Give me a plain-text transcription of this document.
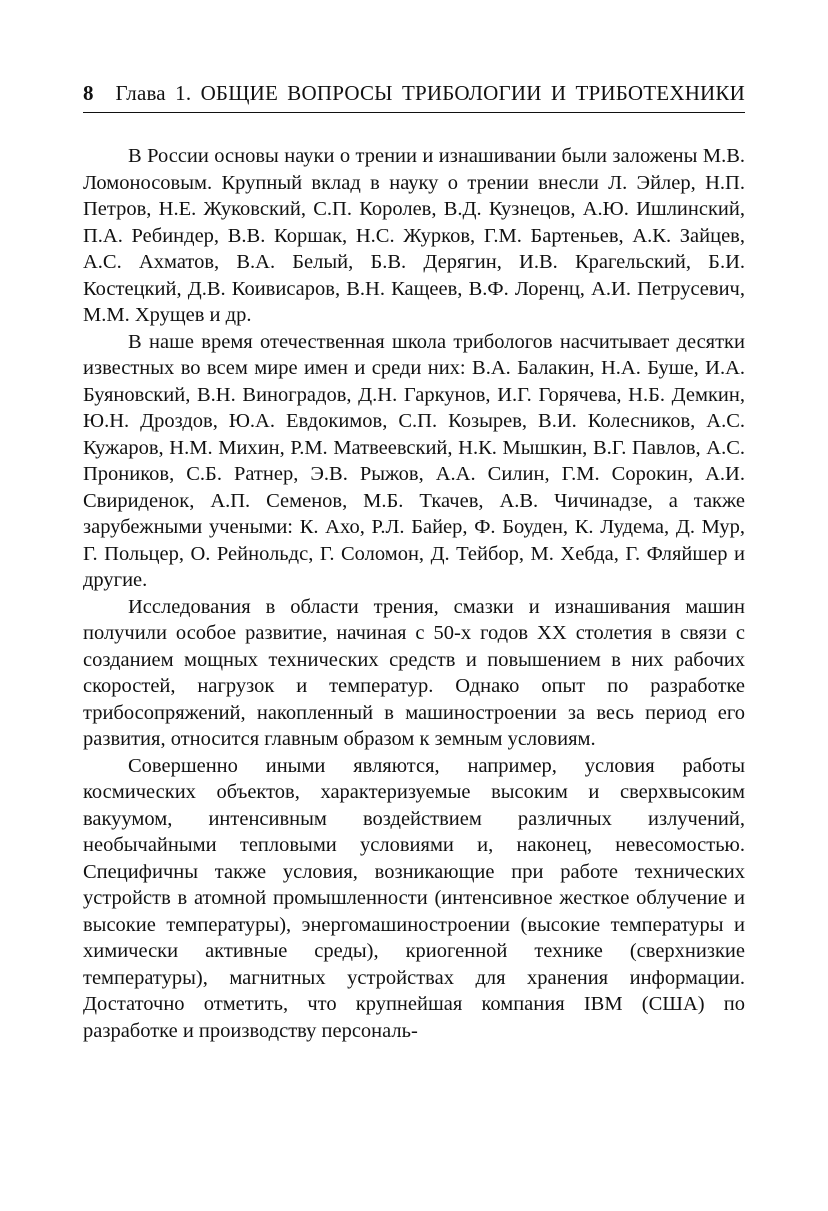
8 Глава 1. ОБЩИЕ ВОПРОСЫ ТРИБОЛОГИИ И ТРИБОТЕХНИКИ

В России основы науки о трении и изнашивании были заложены М.В. Ломоносовым. Крупный вклад в науку о трении внесли Л. Эйлер, Н.П. Петров, Н.Е. Жуковский, С.П. Королев, В.Д. Кузнецов, А.Ю. Ишлинский, П.А. Ребиндер, В.В. Коршак, Н.С. Журков, Г.М. Бартеньев, А.К. Зайцев, А.С. Ахматов, В.А. Белый, Б.В. Дерягин, И.В. Крагельский, Б.И. Костецкий, Д.В. Коивисаров, В.Н. Кащеев, В.Ф. Лоренц, А.И. Петрусевич, М.М. Хрущев и др.

В наше время отечественная школа трибологов насчитывает десятки известных во всем мире имен и среди них: В.А. Балакин, Н.А. Буше, И.А. Буяновский, В.Н. Виноградов, Д.Н. Гаркунов, И.Г. Горячева, Н.Б. Демкин, Ю.Н. Дроздов, Ю.А. Евдокимов, С.П. Козырев, В.И. Колесников, А.С. Кужаров, Н.М. Михин, Р.М. Матвеевский, Н.К. Мышкин, В.Г. Павлов, А.С. Проников, С.Б. Ратнер, Э.В. Рыжов, А.А. Силин, Г.М. Сорокин, А.И. Свириденок, А.П. Семенов, М.Б. Ткачев, А.В. Чичинадзе, а также зарубежными учеными: К. Ахо, Р.Л. Байер, Ф. Боуден, К. Лудема, Д. Мур, Г. Польцер, О. Рейнольдс, Г. Соломон, Д. Тейбор, М. Хебда, Г. Фляйшер и другие.

Исследования в области трения, смазки и изнашивания машин получили особое развитие, начиная с 50-х годов XX столетия в связи с созданием мощных технических средств и повышением в них рабочих скоростей, нагрузок и температур. Однако опыт по разработке трибосопряжений, накопленный в машиностроении за весь период его развития, относится главным образом к земным условиям.

Совершенно иными являются, например, условия работы космических объектов, характеризуемые высоким и сверхвысоким вакуумом, интенсивным воздействием различных излучений, необычайными тепловыми условиями и, наконец, невесомостью. Специфичны также условия, возникающие при работе технических устройств в атомной промышленности (интенсивное жесткое облучение и высокие температуры), энергомашиностроении (высокие температуры и химически активные среды), криогенной технике (сверхнизкие температуры), магнитных устройствах для хранения информации. Достаточно отметить, что крупнейшая компания IBM (США) по разработке и производству персональ-
